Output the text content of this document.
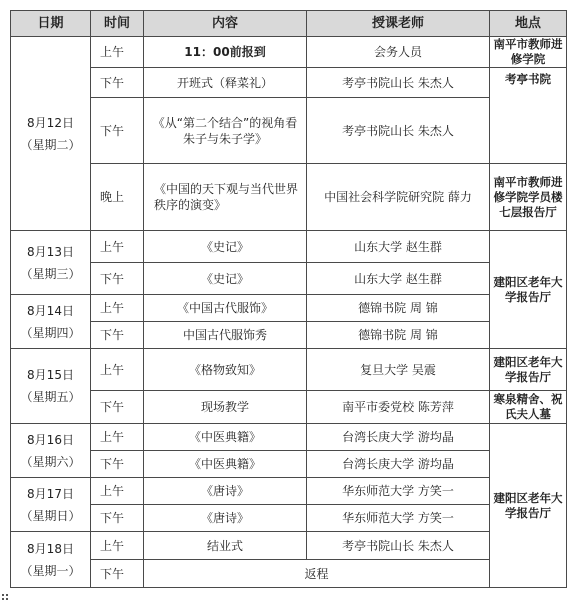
日期	时间	内容	授课老师	地点

8月12日
（星期二）	上午	11：00前报到	会务人员	南平市教师进修学院
	下午	开班式（释菜礼）	考亭书院山长 朱杰人	考亭书院
	下午	《从“第二个结合”的视角看朱子与朱子学》	考亭书院山长 朱杰人	
	晚上	《中国的天下观与当代世界秩序的演变》	中国社会科学院研究院 薛力	南平市教师进修学院学员楼七层报告厅

8月13日
（星期三）	上午	《史记》	山东大学 赵生群	建阳区老年大学报告厅
	下午	《史记》	山东大学 赵生群	

8月14日
（星期四）	上午	《中国古代服饰》	德锦书院 周 锦	
	下午	中国古代服饰秀	德锦书院 周 锦	

8月15日
（星期五）	上午	《格物致知》	复旦大学 吴震	建阳区老年大学报告厅
	下午	现场教学	南平市委党校 陈芳萍	寒泉精舍、祝氏夫人墓

8月16日
（星期六）	上午	《中医典籍》	台湾长庚大学 游均晶	建阳区老年大学报告厅
	下午	《中医典籍》	台湾长庚大学 游均晶	

8月17日
（星期日）	上午	《唐诗》	华东师范大学 方笑一	
	下午	《唐诗》	华东师范大学 方笑一	

8月18日
（星期一）	上午	结业式	考亭书院山长 朱杰人	
	下午	返程		
